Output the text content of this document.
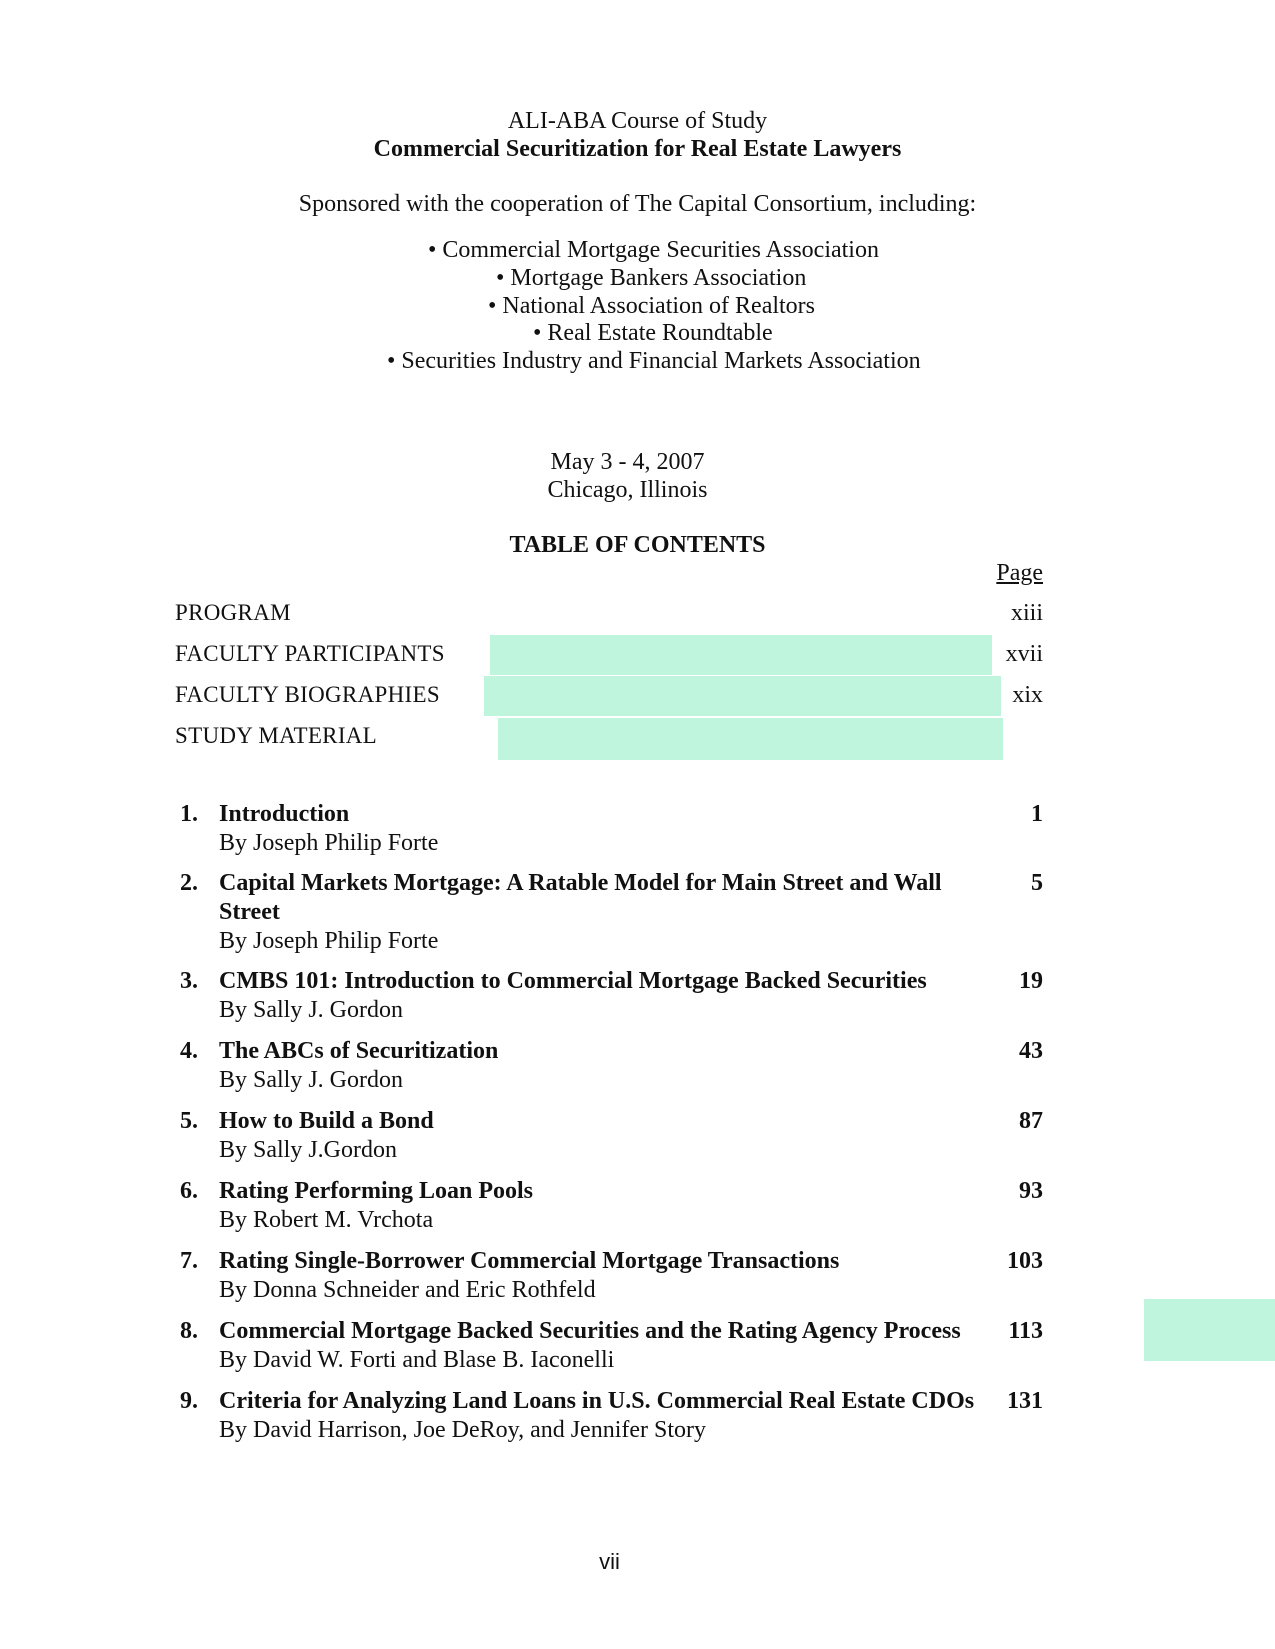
ALI-ABA Course of Study
Commercial Securitization for Real Estate Lawyers
Sponsored with the cooperation of The Capital Consortium, including:
• Commercial Mortgage Securities Association
• Mortgage Bankers Association
• National Association of Realtors
• Real Estate Roundtable
• Securities Industry and Financial Markets Association
May 3 - 4, 2007
Chicago, Illinois
TABLE OF CONTENTS
Page
PROGRAM	xiii
FACULTY PARTICIPANTS	xvii
FACULTY BIOGRAPHIES	xix
STUDY MATERIAL
1. Introduction
By Joseph Philip Forte
1
2. Capital Markets Mortgage: A Ratable Model for Main Street and Wall Street
By Joseph Philip Forte
5
3. CMBS 101: Introduction to Commercial Mortgage Backed Securities
By Sally J. Gordon
19
4. The ABCs of Securitization
By Sally J. Gordon
43
5. How to Build a Bond
By Sally J.Gordon
87
6. Rating Performing Loan Pools
By Robert M. Vrchota
93
7. Rating Single-Borrower Commercial Mortgage Transactions
By Donna Schneider and Eric Rothfeld
103
8. Commercial Mortgage Backed Securities and the Rating Agency Process
By David W. Forti and Blase B. Iaconelli
113
9. Criteria for Analyzing Land Loans in U.S. Commercial Real Estate CDOs
By David Harrison, Joe DeRoy, and Jennifer Story
131
vii
